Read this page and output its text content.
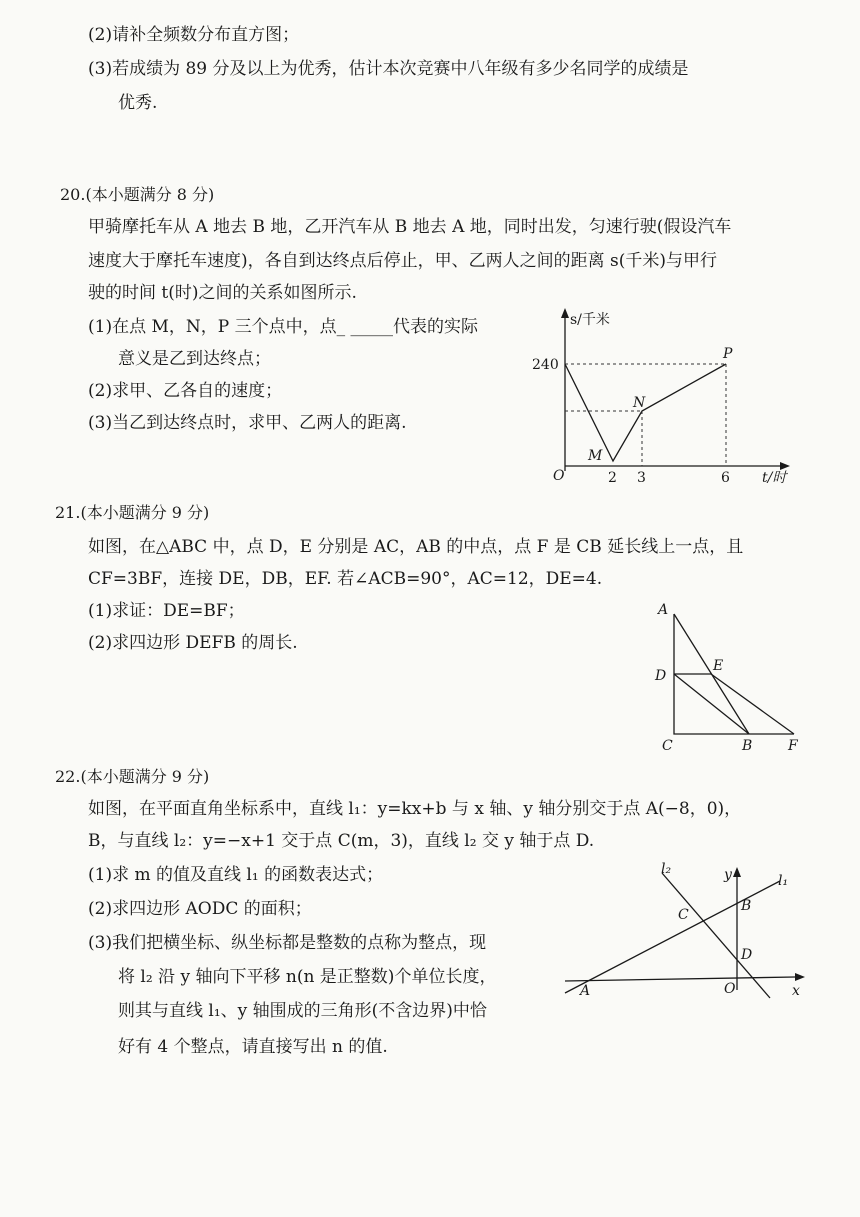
(2)请补全频数分布直方图；
(3)若成绩为 89 分及以上为优秀，估计本次竞赛中八年级有多少名同学的成绩是
优秀.
20.(本小题满分 8 分)
甲骑摩托车从 A 地去 B 地，乙开汽车从 B 地去 A 地，同时出发，匀速行驶(假设汽车
速度大于摩托车速度)，各自到达终点后停止，甲、乙两人之间的距离 s(千米)与甲行
驶的时间 t(时)之间的关系如图所示.
(1)在点 M，N，P 三个点中，点_ _____代表的实际
意义是乙到达终点；
(2)求甲、乙各自的速度；
(3)当乙到达终点时，求甲、乙两人的距离.
s/千米
t/时
O
240
2 3	6
M
N
P
21.(本小题满分 9 分)
如图，在△ABC 中，点 D，E 分别是 AC，AB 的中点，点 F 是 CB 延长线上一点，且
CF=3BF，连接 DE，DB，EF. 若∠ACB=90°，AC=12，DE=4.
(1)求证：DE=BF；
(2)求四边形 DEFB 的周长.
A
D
E
C	B	F
22.(本小题满分 9 分)
如图，在平面直角坐标系中，直线 l₁：y=kx+b 与 x 轴、y 轴分别交于点 A(−8，0)，
B，与直线 l₂：y=−x+1 交于点 C(m，3)，直线 l₂ 交 y 轴于点 D.
(1)求 m 的值及直线 l₁ 的函数表达式；
(2)求四边形 AODC 的面积；
(3)我们把横坐标、纵坐标都是整数的点称为整点，现
将 l₂ 沿 y 轴向下平移 n(n 是正整数)个单位长度，
则其与直线 l₁、y 轴围成的三角形(不含边界)中恰
好有 4 个整点，请直接写出 n 的值.
l₂	y	l₁
C
B
D
A	O	x
